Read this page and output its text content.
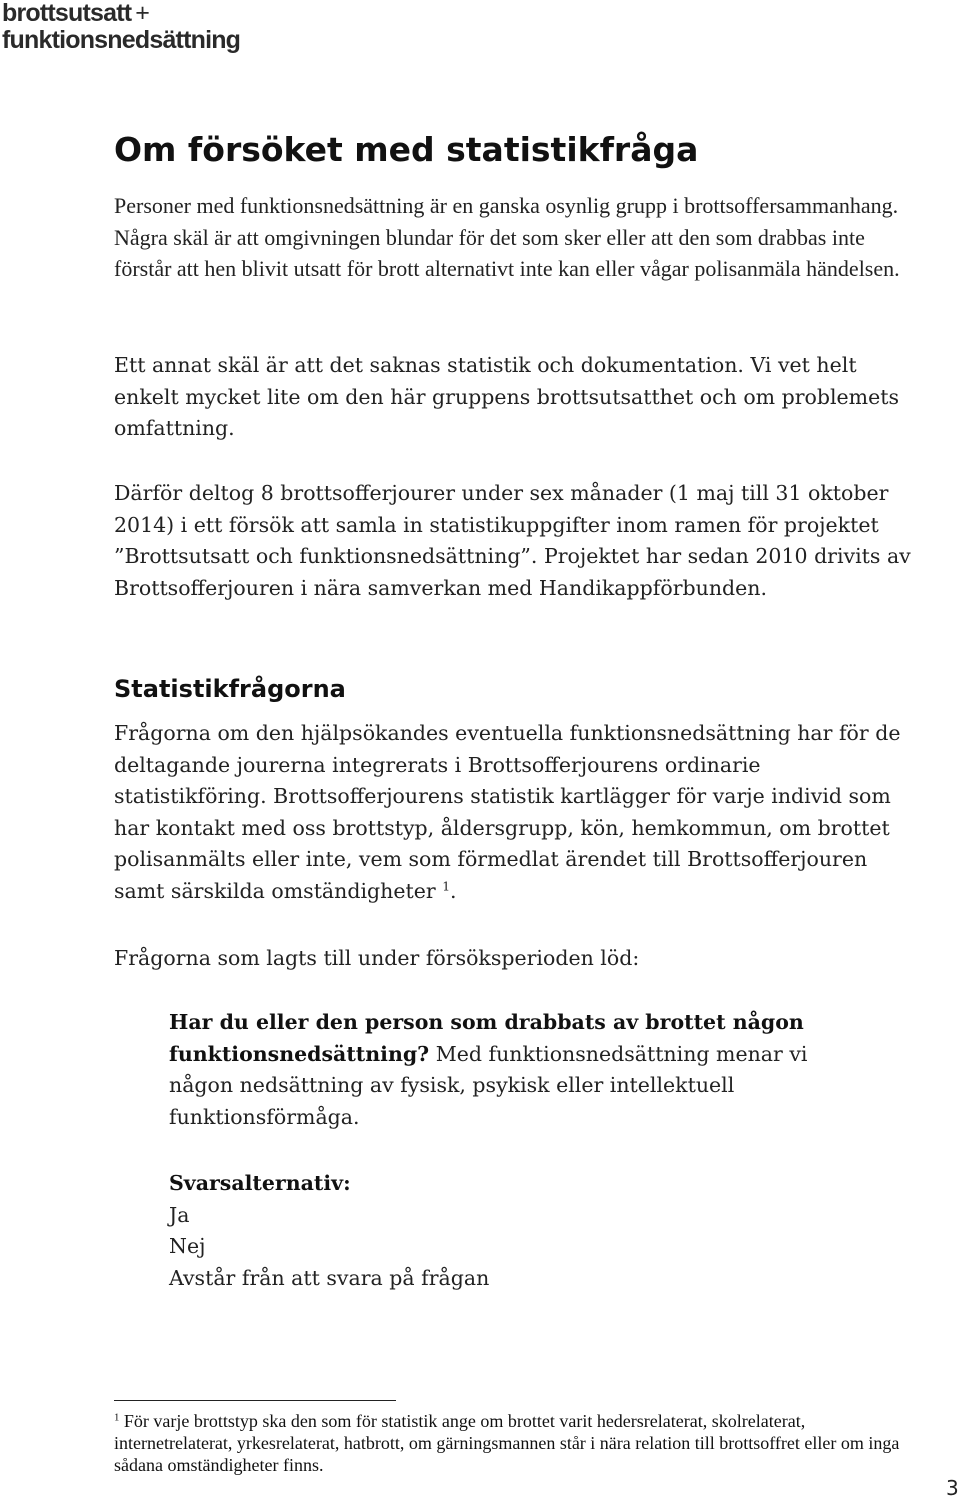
brottsutsatt +
funktionsnedsättning
Om försöket med statistikfråga

Personer med funktionsnedsättning är en ganska osynlig grupp i brottsoffersammanhang. Några skäl är att omgivningen blundar för det som sker eller att den som drabbas inte förstår att hen blivit utsatt för brott alternativt inte kan eller vågar polisanmäla händelsen.

Ett annat skäl är att det saknas statistik och dokumentation. Vi vet helt enkelt mycket lite om den här gruppens brottsutsatthet och om problemets omfattning.

Därför deltog 8 brottsofferjourer under sex månader (1 maj till 31 oktober 2014) i ett försök att samla in statistikuppgifter inom ramen för projektet ”Brottsutsatt och funktionsnedsättning”. Projektet har sedan 2010 drivits av Brottsofferjouren i nära samverkan med Handikappförbunden.

Statistikfrågorna

Frågorna om den hjälpsökandes eventuella funktionsnedsättning har för de deltagande jourerna integrerats i Brottsofferjourens ordinarie statistikföring. Brottsofferjourens statistik kartlägger för varje individ som har kontakt med oss brottstyp, åldersgrupp, kön, hemkommun, om brottet polisanmälts eller inte, vem som förmedlat ärendet till Brottsofferjouren samt särskilda omständigheter $^1$.

Frågorna som lagts till under försöksperioden löd:

Har du eller den person som drabbats av brottet någon funktionsnedsättning? Med funktionsnedsättning menar vi någon nedsättning av fysisk, psykisk eller intellektuell funktionsförmåga.

Svarsalternativ:
Ja
Nej
Avstår från att svara på frågan

$^1$ För varje brottstyp ska den som för statistik ange om brottet varit hedersrelaterat, skolrelaterat, internetrelaterat, yrkesrelaterat, hatbrott, om gärningsmannen står i nära relation till brottsoffret eller om inga sådana omständigheter finns.

3
